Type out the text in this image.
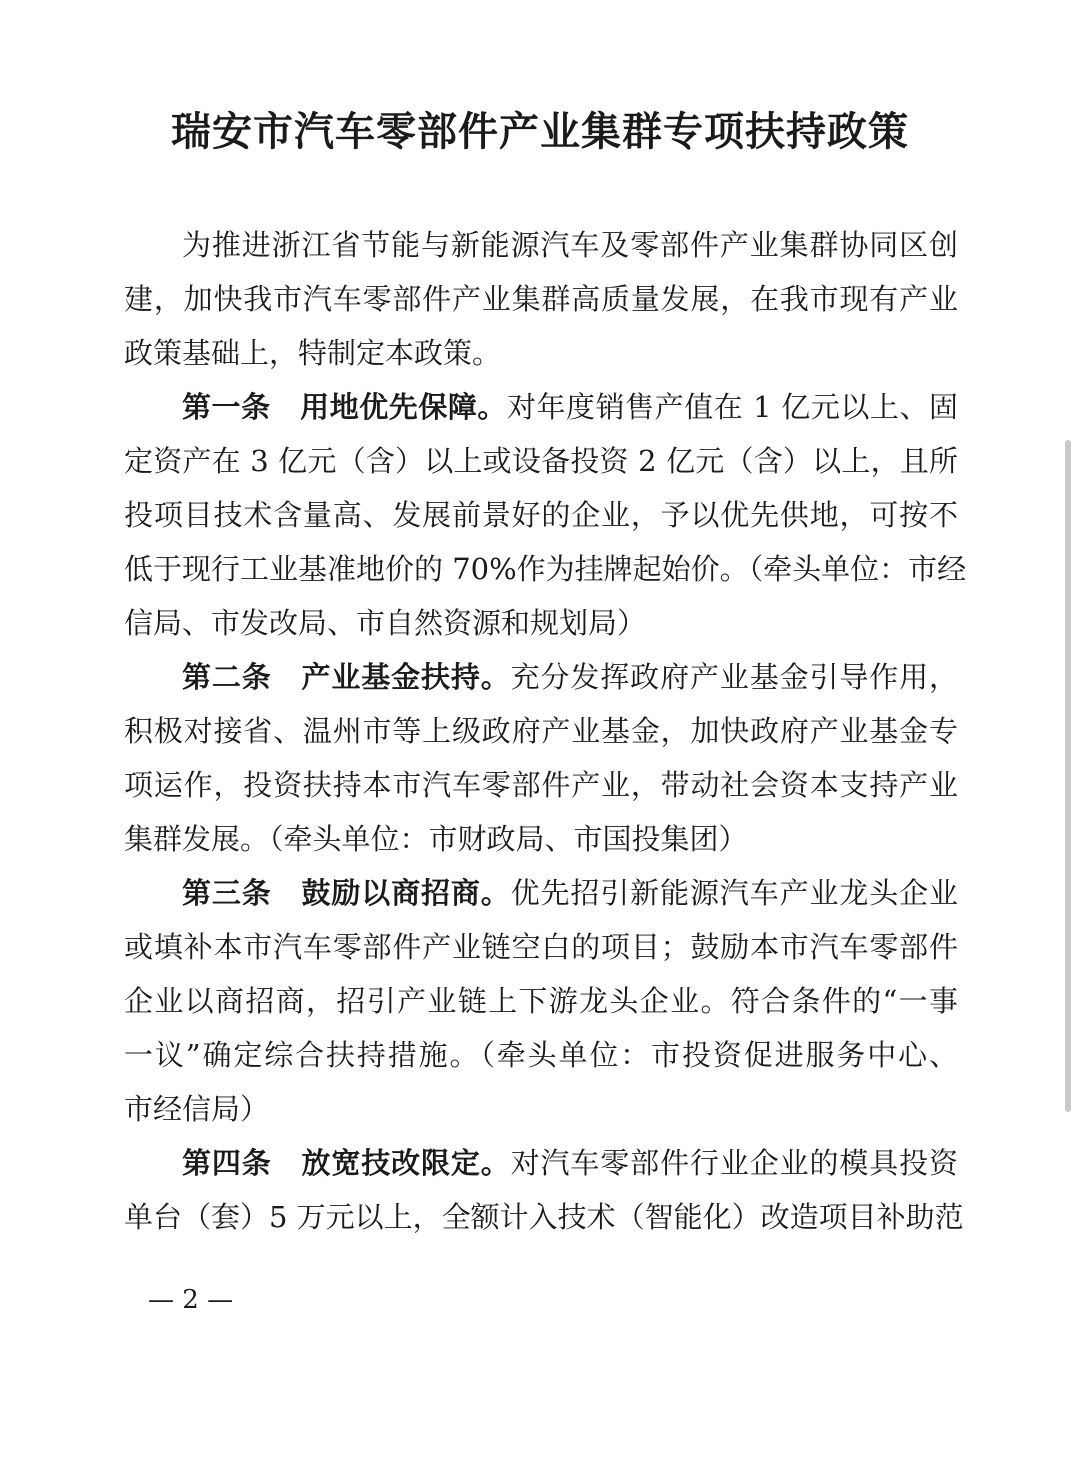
瑞安市汽车零部件产业集群专项扶持政策
为推进浙江省节能与新能源汽车及零部件产业集群协同区创
建，加快我市汽车零部件产业集群高质量发展，在我市现有产业
政策基础上，特制定本政策。
第一条　用地优先保障。对年度销售产值在 1 亿元以上、固
定资产在 3 亿元（含）以上或设备投资 2 亿元（含）以上，且所
投项目技术含量高、发展前景好的企业，予以优先供地，可按不
低于现行工业基准地价的 70%作为挂牌起始价。（牵头单位：市经
信局、市发改局、市自然资源和规划局）
第二条　产业基金扶持。充分发挥政府产业基金引导作用，
积极对接省、温州市等上级政府产业基金，加快政府产业基金专
项运作，投资扶持本市汽车零部件产业，带动社会资本支持产业
集群发展。（牵头单位：市财政局、市国投集团）
第三条　鼓励以商招商。优先招引新能源汽车产业龙头企业
或填补本市汽车零部件产业链空白的项目；鼓励本市汽车零部件
企业以商招商，招引产业链上下游龙头企业。符合条件的“一事
一议”确定综合扶持措施。（牵头单位：市投资促进服务中心、
市经信局）
第四条　放宽技改限定。对汽车零部件行业企业的模具投资
单台（套）5 万元以上，全额计入技术（智能化）改造项目补助范
— 2 —
